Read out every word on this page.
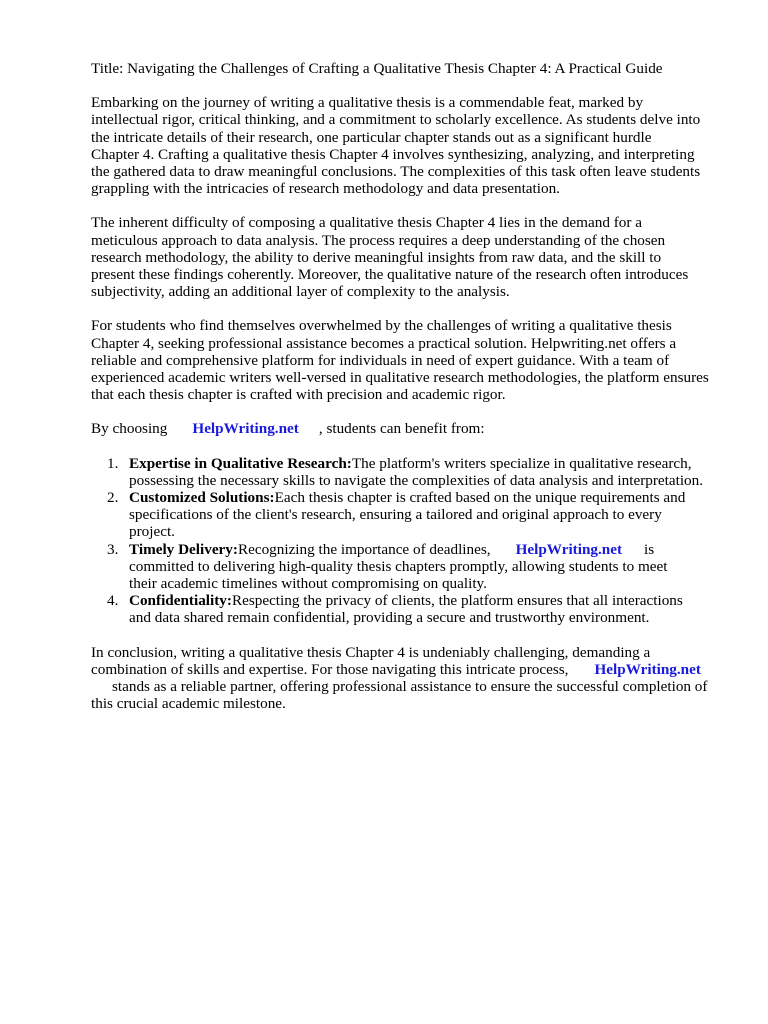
Title: Navigating the Challenges of Crafting a Qualitative Thesis Chapter 4: A Practical Guide

Embarking on the journey of writing a qualitative thesis is a commendable feat, marked by
intellectual rigor, critical thinking, and a commitment to scholarly excellence. As students delve into
the intricate details of their research, one particular chapter stands out as a significant hurdle
Chapter 4. Crafting a qualitative thesis Chapter 4 involves synthesizing, analyzing, and interpreting
the gathered data to draw meaningful conclusions. The complexities of this task often leave students
grappling with the intricacies of research methodology and data presentation.

The inherent difficulty of composing a qualitative thesis Chapter 4 lies in the demand for a
meticulous approach to data analysis. The process requires a deep understanding of the chosen
research methodology, the ability to derive meaningful insights from raw data, and the skill to
present these findings coherently. Moreover, the qualitative nature of the research often introduces
subjectivity, adding an additional layer of complexity to the analysis.

For students who find themselves overwhelmed by the challenges of writing a qualitative thesis
Chapter 4, seeking professional assistance becomes a practical solution. Helpwriting.net offers a
reliable and comprehensive platform for individuals in need of expert guidance. With a team of
experienced academic writers well-versed in qualitative research methodologies, the platform ensures
that each thesis chapter is crafted with precision and academic rigor.

By choosing HelpWriting.net , students can benefit from:

1. Expertise in Qualitative Research:The platform's writers specialize in qualitative research,
possessing the necessary skills to navigate the complexities of data analysis and interpretation.
2. Customized Solutions:Each thesis chapter is crafted based on the unique requirements and
specifications of the client's research, ensuring a tailored and original approach to every
project.
3. Timely Delivery:Recognizing the importance of deadlines, HelpWriting.net is
committed to delivering high-quality thesis chapters promptly, allowing students to meet
their academic timelines without compromising on quality.
4. Confidentiality:Respecting the privacy of clients, the platform ensures that all interactions
and data shared remain confidential, providing a secure and trustworthy environment.

In conclusion, writing a qualitative thesis Chapter 4 is undeniably challenging, demanding a
combination of skills and expertise. For those navigating this intricate process, HelpWriting.net
stands as a reliable partner, offering professional assistance to ensure the successful completion of
this crucial academic milestone.
